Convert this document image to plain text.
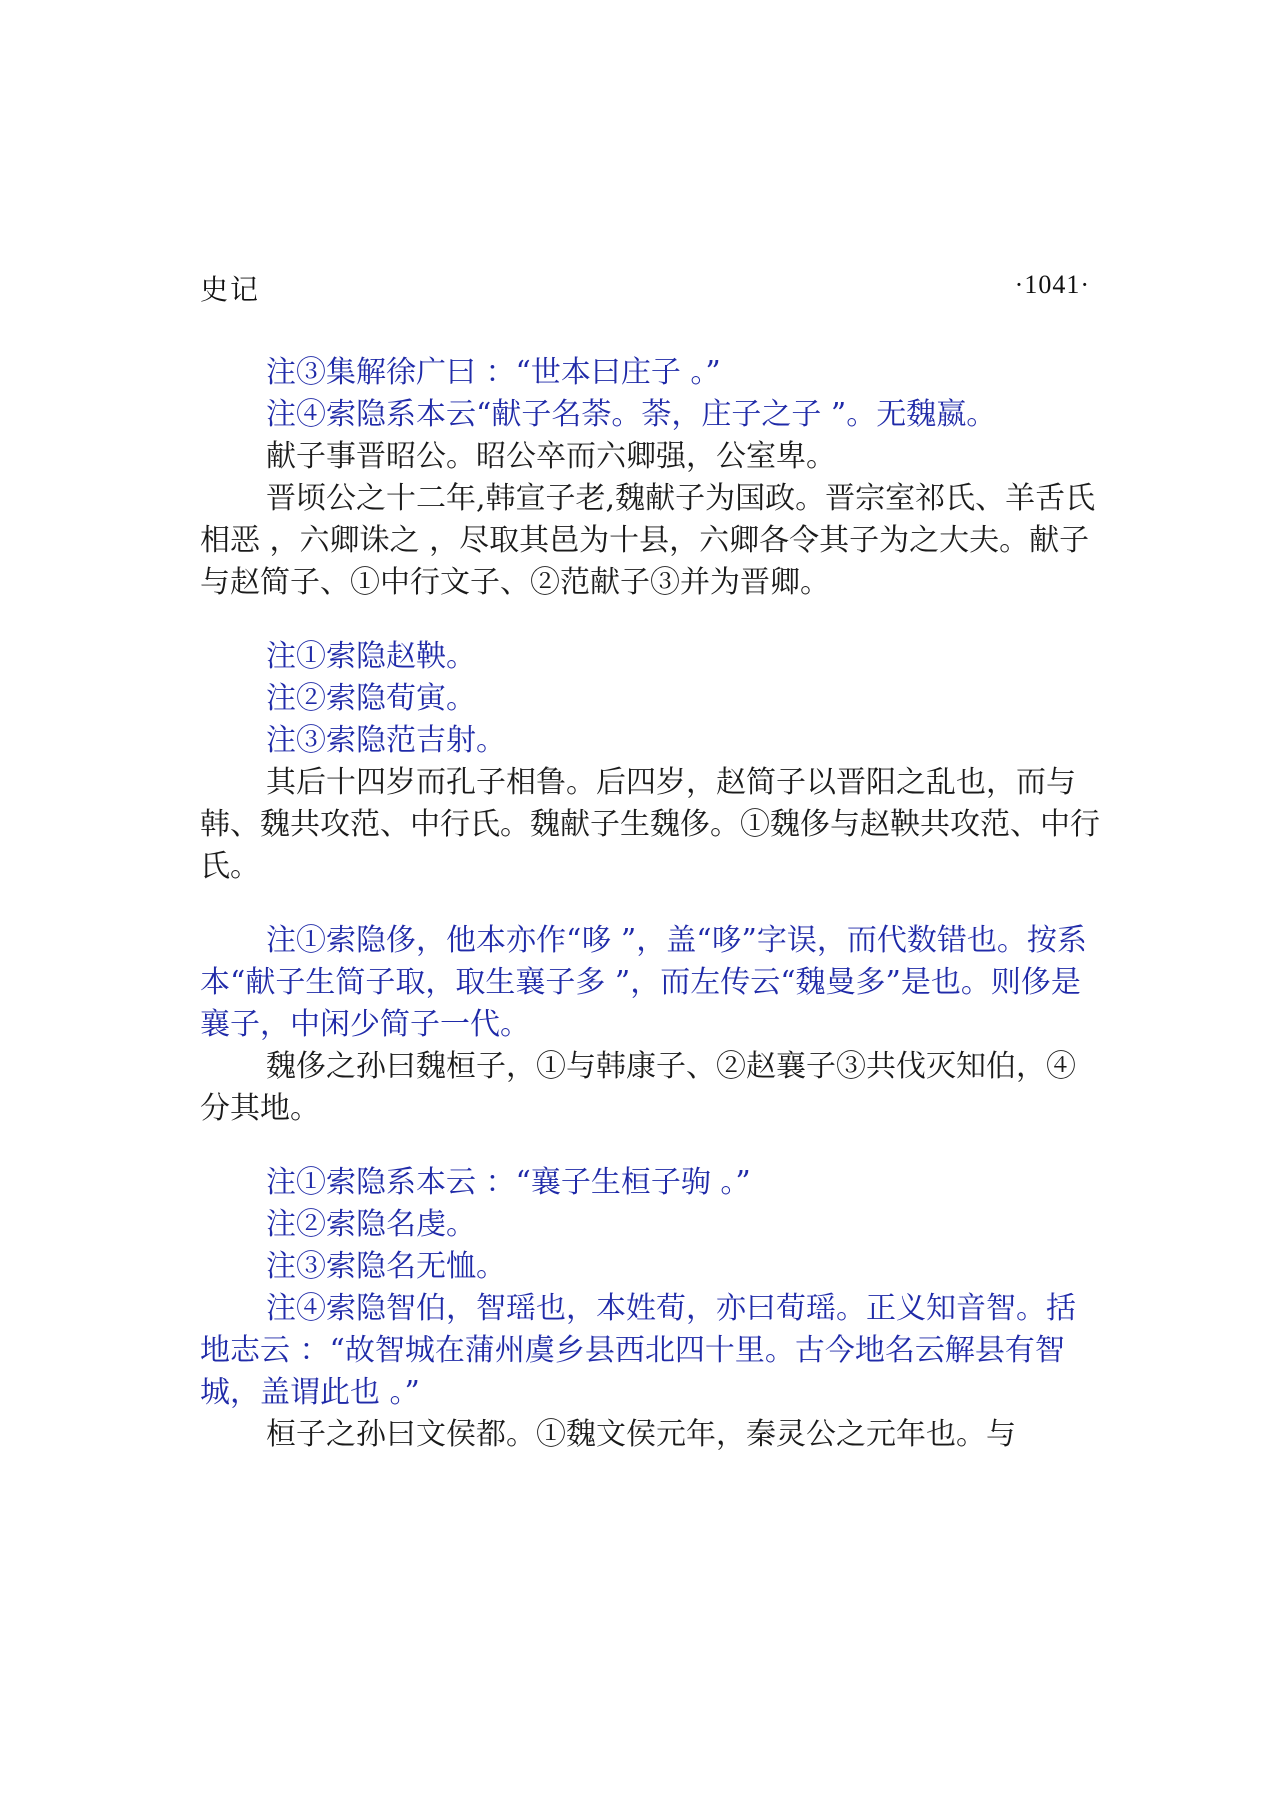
史记	·1041·

注③集解徐广曰 ：“世本曰庄子 。”

注④索隐系本云“献子名荼。荼，庄子之子 ”。无魏嬴。

献子事晋昭公。昭公卒而六卿强，公室卑。

晋顷公之十二年,韩宣子老,魏献子为国政。晋宗室祁氏、羊舌氏相恶 ，六卿诛之 ，尽取其邑为十县，六卿各令其子为之大夫。献子与赵简子、①中行文子、②范献子③并为晋卿。

注①索隐赵鞅。

注②索隐荀寅。

注③索隐范吉射。

其后十四岁而孔子相鲁。后四岁，赵简子以晋阳之乱也，而与韩、魏共攻范、中行氏。魏献子生魏侈。①魏侈与赵鞅共攻范、中行氏。

注①索隐侈，他本亦作“哆 ”，盖“哆”字误，而代数错也。按系本“献子生简子取，取生襄子多 ”，而左传云“魏曼多”是也。则侈是襄子，中闲少简子一代。

魏侈之孙曰魏桓子，①与韩康子、②赵襄子③共伐灭知伯，④分其地。

注①索隐系本云 ：“襄子生桓子驹 。”

注②索隐名虔。

注③索隐名无恤。

注④索隐智伯，智瑶也，本姓荀，亦曰荀瑶。正义知音智。括地志云 ：“故智城在蒲州虞乡县西北四十里。古今地名云解县有智城，盖谓此也 。”

桓子之孙曰文侯都。①魏文侯元年，秦灵公之元年也。与
